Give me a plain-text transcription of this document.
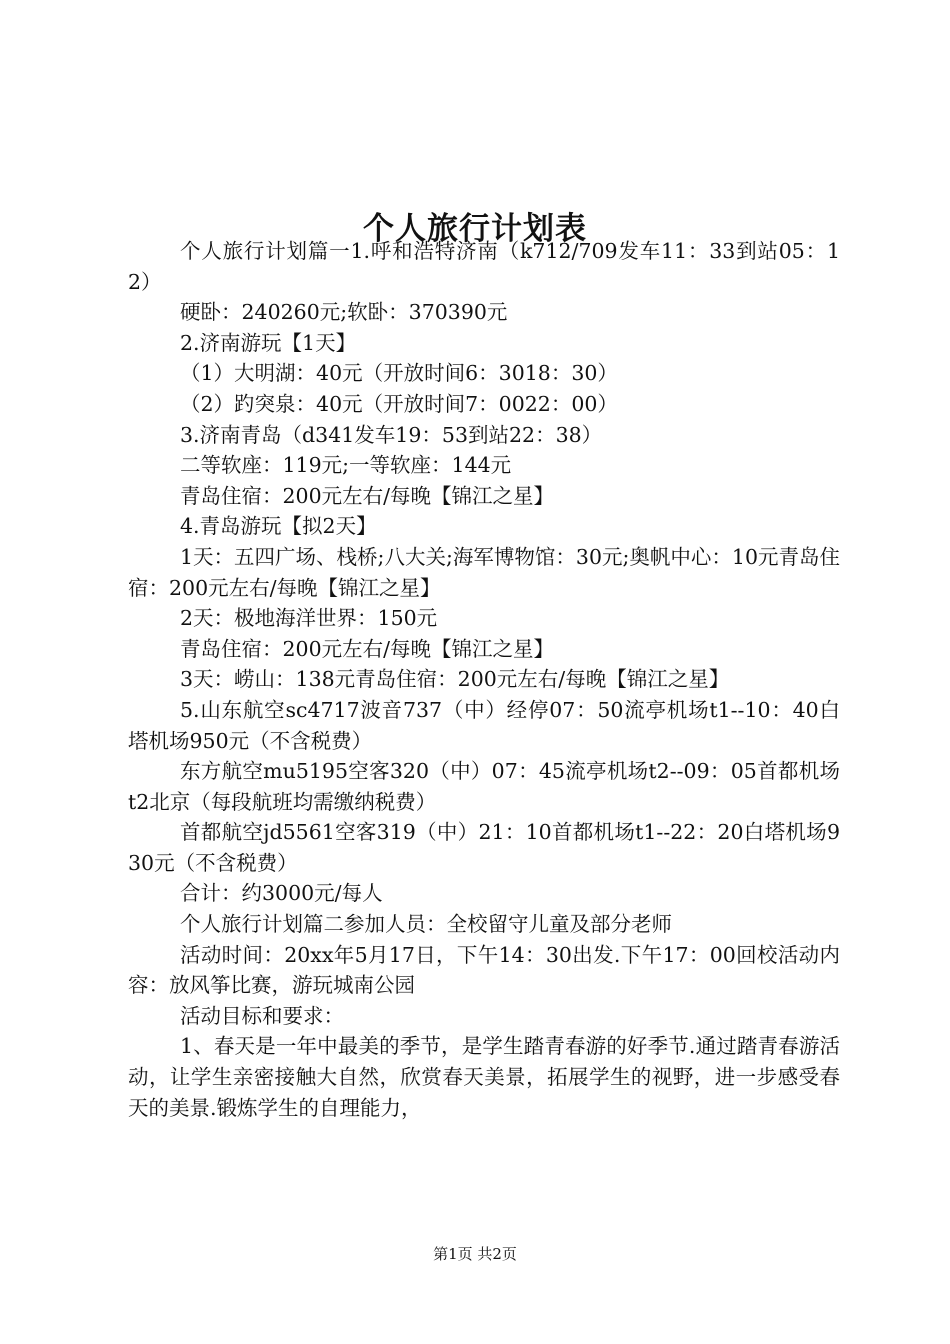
个人旅行计划表

个人旅行计划篇一1.呼和浩特济南（k712/709发车11：33到站05：12）

硬卧：240260元;软卧：370390元

2.济南游玩【1天】

（1）大明湖：40元（开放时间6：3018：30）

（2）趵突泉：40元（开放时间7：0022：00）

3.济南青岛（d341发车19：53到站22：38）

二等软座：119元;一等软座：144元

青岛住宿：200元左右/每晚【锦江之星】

4.青岛游玩【拟2天】

1天：五四广场、栈桥;八大关;海军博物馆：30元;奥帆中心：10元青岛住宿：200元左右/每晚【锦江之星】

2天：极地海洋世界：150元

青岛住宿：200元左右/每晚【锦江之星】

3天：崂山：138元青岛住宿：200元左右/每晚【锦江之星】

5.山东航空sc4717波音737（中）经停07：50流亭机场t1--10：40白塔机场950元（不含税费）

东方航空mu5195空客320（中）07：45流亭机场t2--09：05首都机场t2北京（每段航班均需缴纳税费）

首都航空jd5561空客319（中）21：10首都机场t1--22：20白塔机场930元（不含税费）

合计：约3000元/每人

个人旅行计划篇二参加人员：全校留守儿童及部分老师

活动时间：20xx年5月17日，下午14：30出发.下午17：00回校活动内容：放风筝比赛，游玩城南公园

活动目标和要求：

1、春天是一年中最美的季节，是学生踏青春游的好季节.通过踏青春游活动，让学生亲密接触大自然，欣赏春天美景，拓展学生的视野，进一步感受春天的美景.锻炼学生的自理能力，

第1页 共2页
